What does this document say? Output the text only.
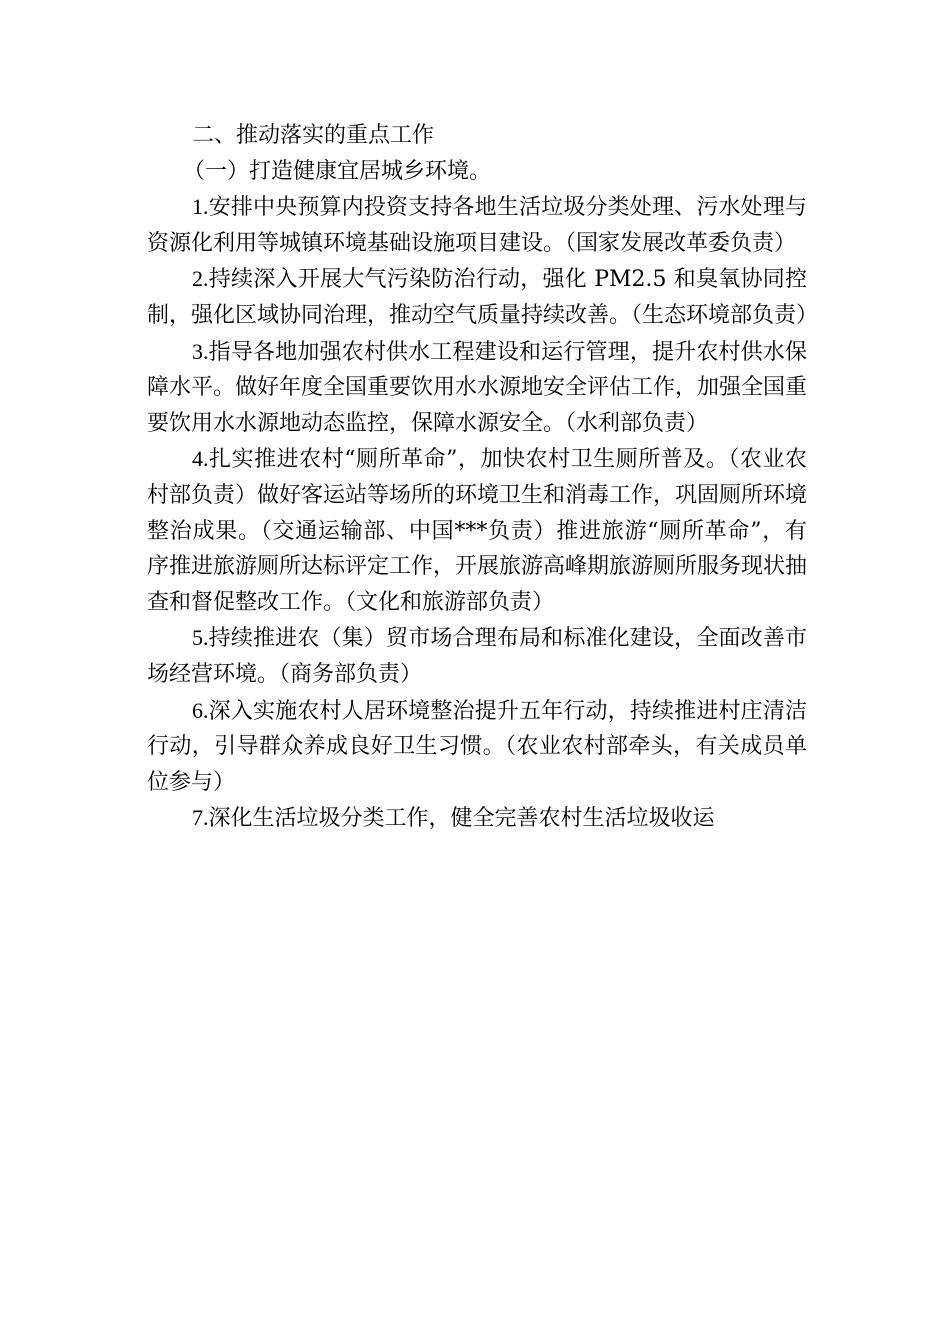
二、推动落实的重点工作

（一）打造健康宜居城乡环境。

1.安排中央预算内投资支持各地生活垃圾分类处理、污水处理与资源化利用等城镇环境基础设施项目建设。（国家发展改革委负责）

2.持续深入开展大气污染防治行动，强化 PM2.5 和臭氧协同控制，强化区域协同治理，推动空气质量持续改善。（生态环境部负责）

3.指导各地加强农村供水工程建设和运行管理，提升农村供水保障水平。做好年度全国重要饮用水水源地安全评估工作，加强全国重要饮用水水源地动态监控，保障水源安全。（水利部负责）

4.扎实推进农村“厕所革命”，加快农村卫生厕所普及。（农业农村部负责）做好客运站等场所的环境卫生和消毒工作，巩固厕所环境整治成果。（交通运输部、中国***负责）推进旅游“厕所革命”，有序推进旅游厕所达标评定工作，开展旅游高峰期旅游厕所服务现状抽查和督促整改工作。（文化和旅游部负责）

5.持续推进农（集）贸市场合理布局和标准化建设，全面改善市场经营环境。（商务部负责）

6.深入实施农村人居环境整治提升五年行动，持续推进村庄清洁行动，引导群众养成良好卫生习惯。（农业农村部牵头，有关成员单位参与）

7.深化生活垃圾分类工作，健全完善农村生活垃圾收运
